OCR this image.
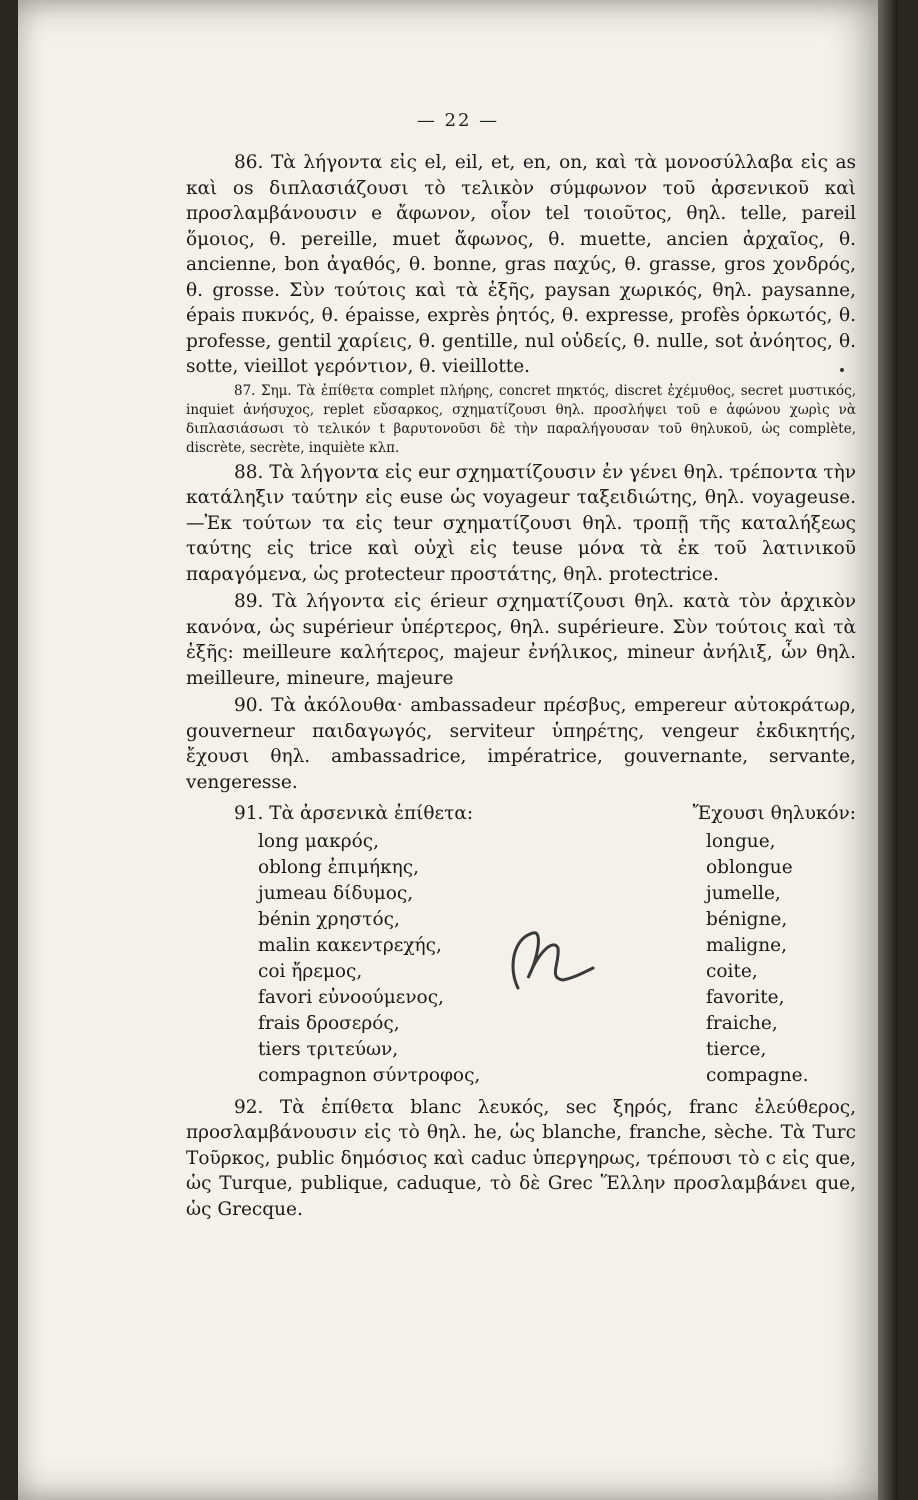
— 22 —

86. Τὰ λήγοντα εἰς el, eil, et, en, on, καὶ τὰ μονοσύλλαβα εἰς as καὶ os διπλασιάζουσι τὸ τελικὸν σύμφωνον τοῦ ἀρσενικοῦ καὶ προσλαμβάνουσιν e ἄφωνον, οἷον tel τοιοῦτος, θηλ. telle, pareil ὅμοιος, θ. pereille, muet ἄφωνος, θ. muette, ancien ἀρχαῖος, θ. ancienne, bon ἀγαθός, θ. bonne, gras παχύς, θ. grasse, gros χονδρός, θ. grosse. Σὺν τούτοις καὶ τὰ ἑξῆς, paysan χωρικός, θηλ. paysanne, épais πυκνός, θ. épaisse, exprès ῥητός, θ. expresse, profès ὁρκωτός, θ. professe, gentil χαρίεις, θ. gentille, nul οὐδείς, θ. nulle, sot ἀνόητος, θ. sotte, vieillot γερόντιον, θ. vieillotte.

87. Σημ. Τὰ ἐπίθετα complet πλήρης, concret πηκτός, discret ἐχέμυθος, secret μυστικός, inquiet ἀνήσυχος, replet εὔσαρκος, σχηματίζουσι θηλ. προσλήψει τοῦ e ἀφώνου χωρὶς νὰ διπλασιάσωσι τὸ τελικόν t βαρυτονοῦσι δὲ τὴν παραλήγουσαν τοῦ θηλυκοῦ, ὡς complète, discrète, secrète, inquiète κλπ.

88. Τὰ λήγοντα εἰς eur σχηματίζουσιν ἐν γένει θηλ. τρέποντα τὴν κατάληξιν ταύτην εἰς euse ὡς voyageur ταξειδιώτης, θηλ. voyageuse.—Ἐκ τούτων τα εἰς teur σχηματίζουσι θηλ. τροπῇ τῆς καταλήξεως ταύτης εἰς trice καὶ οὐχὶ εἰς teuse μόνα τὰ ἐκ τοῦ λατινικοῦ παραγόμενα, ὡς protecteur προστάτης, θηλ. protectrice.

89. Τὰ λήγοντα εἰς érieur σχηματίζουσι θηλ. κατὰ τὸν ἀρχικὸν κανόνα, ὡς supérieur ὑπέρτερος, θηλ. supérieure. Σὺν τούτοις καὶ τὰ ἑξῆς: meilleure καλήτερος, majeur ἐνήλικος, mineur ἀνήλιξ, ὧν θηλ. meilleure, mineure, majeure

90. Τὰ ἀκόλουθα· ambassadeur πρέσβυς, empereur αὐτοκράτωρ, gouverneur παιδαγωγός, serviteur ὑπηρέτης, vengeur ἐκδικητής, ἔχουσι θηλ. ambassadrice, impératrice, gouvernante, servante, vengeresse.

91. Τὰ ἀρσενικὰ ἐπίθετα:	Ἔχουσι θηλυκόν:
long μακρός,	longue,
oblong ἐπιμήκης,	oblongue
jumeau δίδυμος,	jumelle,
bénin χρηστός,	bénigne,
malin κακεντρεχής,	maligne,
coi ἤρεμος,	coite,
favori εὐνοούμενος,	favorite,
frais δροσερός,	fraiche,
tiers τριτεύων,	tierce,
compagnon σύντροφος,	compagne.

92. Τὰ ἐπίθετα blanc λευκός, sec ξηρός, franc ἐλεύθερος, προσλαμβάνουσιν εἰς τὸ θηλ. he, ὡς blanche, franche, sèche. Τὰ Turc Τοῦρκος, public δημόσιος καὶ caduc ὑπεργηρως, τρέπουσι τὸ c εἰς que, ὡς Turque, publique, caduque, τὸ δὲ Grec Ἕλλην προσλαμβάνει que, ὡς Grecque.
